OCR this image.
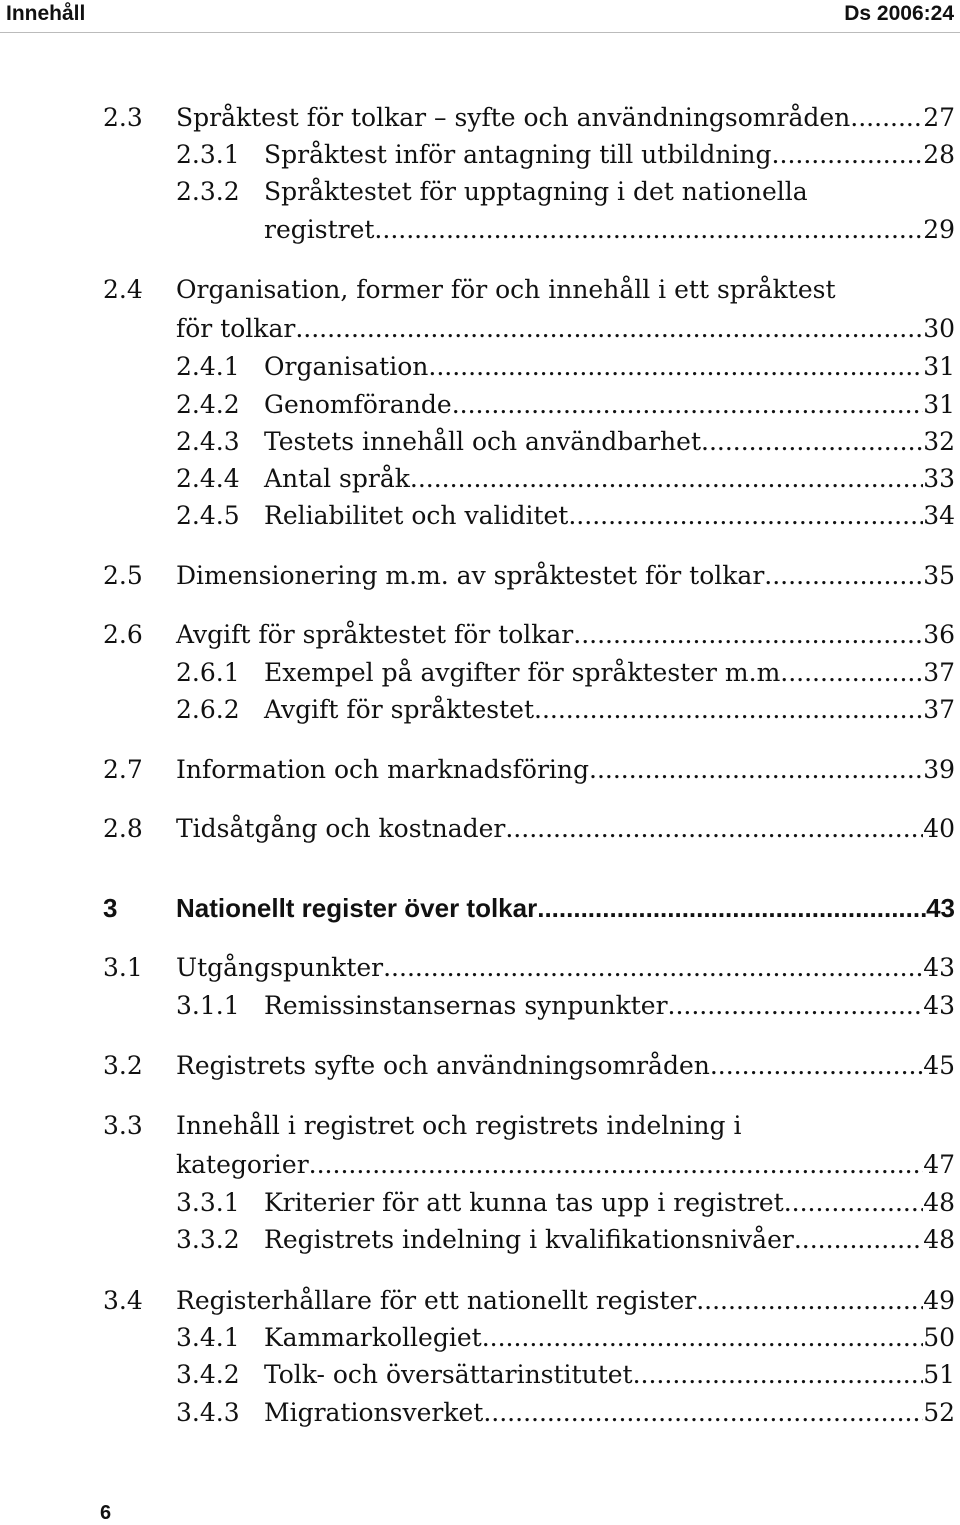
Innehåll	Ds 2006:24
2.3 Språktest för tolkar – syfte och användningsområden .....	27
2.3.1 Språktest inför antagning till utbildning .....	28
2.3.2 Språktestet för upptagning i det nationella
registret .....	29
2.4 Organisation, former för och innehåll i ett språktest
för tolkar .....	30
2.4.1 Organisation .....	31
2.4.2 Genomförande .....	31
2.4.3 Testets innehåll och användbarhet .....	32
2.4.4 Antal språk .....	33
2.4.5 Reliabilitet och validitet .....	34
2.5 Dimensionering m.m. av språktestet för tolkar .....	35
2.6 Avgift för språktestet för tolkar .....	36
2.6.1 Exempel på avgifter för språktester m.m. .....	37
2.6.2 Avgift för språktestet .....	37
2.7 Information och marknadsföring .....	39
2.8 Tidsåtgång och kostnader .....	40
3 Nationellt register över tolkar .....	43
3.1 Utgångspunkter .....	43
3.1.1 Remissinstansernas synpunkter .....	43
3.2 Registrets syfte och användningsområden .....	45
3.3 Innehåll i registret och registrets indelning i
kategorier .....	47
3.3.1 Kriterier för att kunna tas upp i registret .....	48
3.3.2 Registrets indelning i kvalifikationsnivåer .....	48
3.4 Registerhållare för ett nationellt register .....	49
3.4.1 Kammarkollegiet .....	50
3.4.2 Tolk- och översättarinstitutet .....	51
3.4.3 Migrationsverket .....	52
6
